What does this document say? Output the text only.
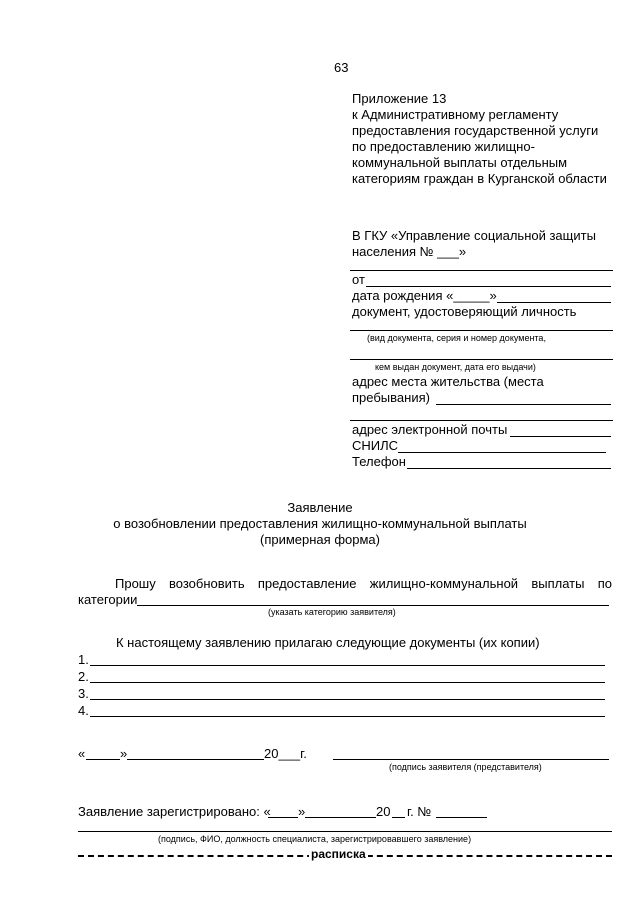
63
Приложение 13
к Административному регламенту
предоставления государственной услуги
по предоставлению жилищно-
коммунальной выплаты отдельным
категориям граждан в Курганской области
В ГКУ «Управление социальной защиты
населения № ___»
от
дата рождения «_____»
документ, удостоверяющий личность
(вид документа, серия и номер документа,
кем выдан документ, дата его выдачи)
адрес места жительства (места
пребывания)
адрес электронной почты
СНИЛС
Телефон
Заявление
о возобновлении предоставления жилищно-коммунальной выплаты
(примерная форма)
Прошу возобновить предоставление жилищно-коммунальной выплаты по
категории
(указать категорию заявителя)
К настоящему заявлению прилагаю следующие документы (их копии)
1.
2.
3.
4.
«	»	20___г.
(подпись заявителя (представителя)
Заявление зарегистрировано: « »	20 г. №
(подпись, ФИО, должность специалиста, зарегистрировавшего заявление)
расписка
